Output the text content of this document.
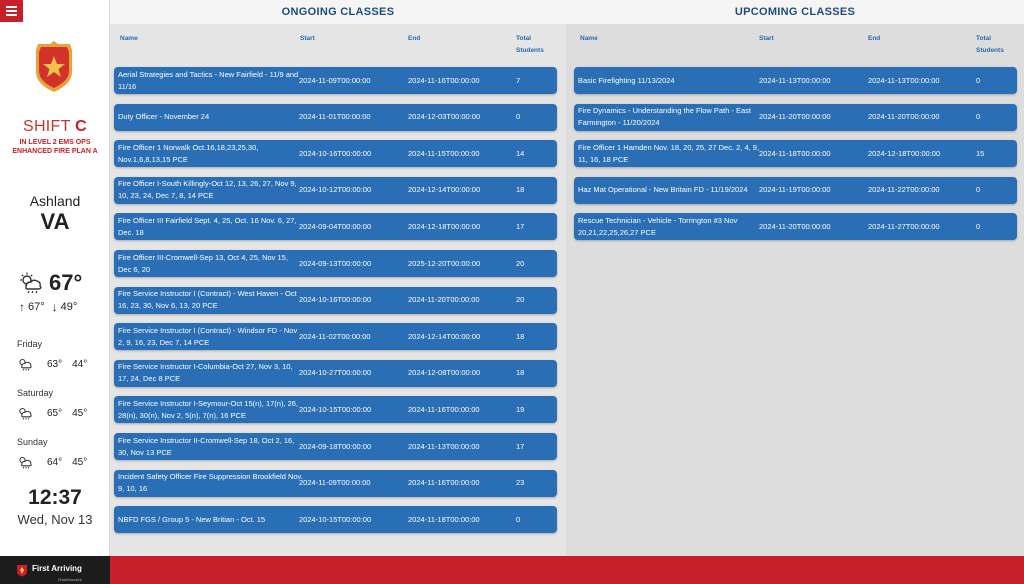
SHIFT C
IN LEVEL 2 EMS OPS ENHANCED FIRE PLAN A
Ashland
VA
67°
↑ 67° ↓ 49°
Friday
63° 44°
Saturday
65° 45°
Sunday
64° 45°
12:37
Wed, Nov 13
First Arriving
Dashboards
ONGOING CLASSES
Name	Start	End	Total Students
Aerial Strategies and Tactics - New Fairfield - 11/9 and 11/16
2024-11-09T00:00:00	2024-11-16T00:00:00	7
Duty Officer - November 24	2024-11-01T00:00:00	2024-12-03T00:00:00	0
Fire Officer 1 Norwalk Oct.16,18,23,25,30, Nov.1,6,8,13,15 PCE
2024-10-16T00:00:00	2024-11-15T00:00:00	14
Fire Officer I-South Killingly-Oct 12, 13, 26, 27, Nov 9, 10, 23, 24, Dec 7, 8, 14 PCE
2024-10-12T00:00:00	2024-12-14T00:00:00	18
Fire Officer III Fairfield Sept. 4, 25, Oct. 16 Nov. 6, 27, Dec. 18
2024-09-04T00:00:00	2024-12-18T00:00:00	17
Fire Officer III-Cromwell-Sep 13, Oct 4, 25, Nov 15, Dec 6, 20
2024-09-13T00:00:00	2025-12-20T00:00:00	20
Fire Service Instructor I (Contract) - West Haven - Oct 16, 23, 30, Nov 6, 13, 20 PCE
2024-10-16T00:00:00	2024-11-20T00:00:00	20
Fire Service Instructor I (Contract) - Windsor FD - Nov 2, 9, 16, 23, Dec 7, 14 PCE
2024-11-02T00:00:00	2024-12-14T00:00:00	18
Fire Service Instructor I-Columbia-Oct 27, Nov 3, 10, 17, 24, Dec 8 PCE
2024-10-27T00:00:00	2024-12-08T00:00:00	18
Fire Service Instructor I-Seymour-Oct 15(n), 17(n), 26, 28(n), 30(n), Nov 2, 5(n), 7(n), 16 PCE
2024-10-15T00:00:00	2024-11-16T00:00:00	19
Fire Service Instructor II-Cromwell-Sep 18, Oct 2, 16, 30, Nov 13 PCE
2024-09-18T00:00:00	2024-11-13T00:00:00	17
Incident Safety Officer Fire Suppression Brookfield Nov. 9, 10, 16
2024-11-09T00:00:00	2024-11-16T00:00:00	23
NBFD FGS / Group 5 - New Britian - Oct. 15	2024-10-15T00:00:00	2024-11-18T00:00:00	0
UPCOMING CLASSES
Name	Start	End	Total Students
Basic Firefighting 11/13/2024	2024-11-13T00:00:00	2024-11-13T00:00:00	0
Fire Dynamics - Understanding the Flow Path - East Farmington - 11/20/2024
2024-11-20T00:00:00	2024-11-20T00:00:00	0
Fire Officer 1 Hamden Nov. 18, 20, 25, 27 Dec. 2, 4, 9, 11, 16, 18 PCE
2024-11-18T00:00:00	2024-12-18T00:00:00	15
Haz Mat Operational - New Britain FD - 11/19/2024	2024-11-19T00:00:00	2024-11-22T00:00:00	0
Rescue Technician - Vehicle - Torrington #3 Nov 20,21,22,25,26,27 PCE
2024-11-20T00:00:00	2024-11-27T00:00:00	0
